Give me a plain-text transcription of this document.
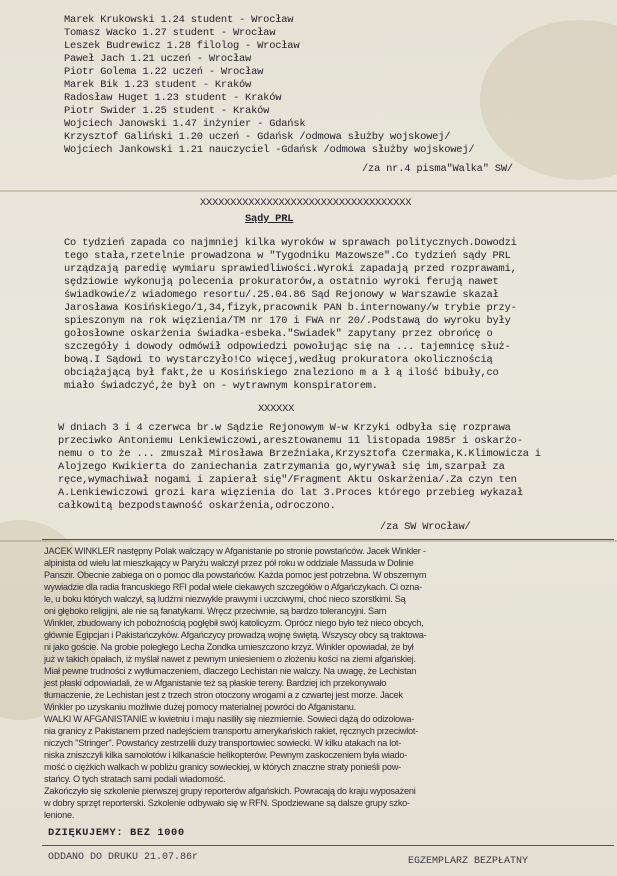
Marek Krukowski 1.24 student - Wrocław
Tomasz Wacko 1.27 student - Wrocław
Leszek Budrewicz 1.28 filolog - Wrocław
Paweł Jach 1.21 uczeń - Wrocław
Piotr Golema 1.22 uczeń - Wrocław
Marek Bik 1.23 student - Kraków
Radosław Huget 1.23 student - Kraków
Piotr Swider 1.25 student - Kraków
Wojciech Janowski 1.47 inżynier - Gdańsk
Krzysztof Galiński 1.20 uczeń - Gdańsk /odmowa służby wojskowej/
Wojciech Jankowski 1.21 nauczyciel -Gdańsk /odmowa służby wojskowej/
/za nr.4 pisma"Walka" SW/
XXXXXXXXXXXXXXXXXXXXXXXXXXXXXXXXXXX
Sądy PRL
Co tydzień zapada co najmniej kilka wyroków w sprawach politycznych.Dowodzi
tego stała,rzetelnie prowadzona w "Tygodniku Mazowsze".Co tydzień sądy PRL
urządzają paredię wymiaru sprawiedliwości.Wyroki zapadają przed rozprawami,
sędziowie wykonują polecenia prokuratorów,a ostatnio wyroki ferują nawet
świadkowie/z wiadomego resortu/.25.04.86 Sąd Rejonowy w Warszawie skazał
Jarosława Kosińskiego/1,34,fizyk,pracownik PAN b.internowany/w trybie przy-
spieszonym na rok więzienia/TM nr 170 i FWA nr 20/.Podstawą do wyroku były
gołosłowne oskarżenia świadka-esbeka."Swiadek" zapytany przez obrońcę o
szczegóły i dowody odmówił odpowiedzi powołując się na ... tajemnicę służ-
bową.I Sądowi to wystarczyło!Co więcej,według prokuratora okolicznością
obciążającą był fakt,że u Kosińskiego znaleziono m a ł ą ilość bibuły,co
miało świadczyć,że był on - wytrawnym konspiratorem.
XXXXXX
W dniach 3 i 4 czerwca br.w Sądzie Rejonowym W-w Krzyki odbyła się rozprawa
przeciwko Antoniemu Lenkiewiczowi,aresztowanemu 11 listopada 1985r i oskarżo-
nemu o to że ... zmuszał Mirosława Brzeźniaka,Krzysztofa Czermaka,K.Klimowicza i
Alojzego Kwikierta do zaniechania zatrzymania go,wyrywał się im,szarpał za
ręce,wymachiwał nogami i zapierał się"/Fragment Aktu Oskarżenia/.Za czyn ten
A.Lenkiewiczowi grozi kara więzienia do lat 3.Proces którego przebieg wykazał
całkowitą bezpodstawność oskarżenia,odroczono.
/za SW Wrocław/
JACEK WINKLER następny Polak walczący w Afganistanie po stronie powstańców. Jacek Winkler -
alpinista od wielu lat mieszkający w Paryżu walczył przez pół roku w oddziale Massuda w Dolinie
Panszir. Obecnie zabiega on o pomoc dla powstańców. Każda pomoc jest potrzebna. W obszernym
wywiadzie dla radia francuskiego RFI podał wiele ciekawych szczegółów o Afgańczykach. Ci ozna-
le, u boku których walczył, są ludźmi niezwykle prawymi i uczciwymi, choć nieco szorstkimi. Są
oni głęboko religijni, ale nie są fanatykami. Wręcz przeciwnie, są bardzo tolerancyjni. Sam
Winkler, zbudowany ich pobożnością pogłębił swój katolicyzm. Oprócz niego było też nieco obcych,
głównie Egipcjan i Pakistańczyków. Afgańczycy prowadzą wojnę świętą. Wszyscy obcy są traktowa-
ni jako goście. Na grobie poległego Lecha Zondka umieszczono krzyż. Winkler opowiadał, że był
już w takich opałach, iż myślał nawet z pewnym uniesieniem o złożeniu kości na ziemi afgańskiej.
Miał pewne trudności z wytłumaczeniem, dlaczego Lechistan nie walczy. Na uwagę, że Lechistan
jest płaski odpowiadali, że w Afganistanie też są płaskie tereny. Bardziej ich przekonywało
tłumaczenie, że Lechistan jest z trzech stron otoczony wrogami a z czwartej jest morze. Jacek
Winkler po uzyskaniu możliwie dużej pomocy materialnej powróci do Afganistanu.
WALKI W AFGANISTANIE w kwietniu i maju nasiliły się niezmiernie. Sowieci dążą do odizolowa-
nia granicy z Pakistanem przed nadejściem transportu amerykańskich rakiet, ręcznych przeciwlot-
niczych "Stringer". Powstańcy zestrzelili duży transportowiec sowiecki. W kilku atakach na lot-
niska zniszczyli kilka samolotów i kilkanaście helikopterów. Pewnym zaskoczeniem była wiado-
mość o ciężkich walkach w pobliżu granicy sowieckiej, w których znaczne straty ponieśli pow-
stańcy. O tych stratach sami podali wiadomość.
Zakończyło się szkolenie pierwszej grupy reporterów afgańskich. Powracają do kraju wyposażeni
w dobry sprzęt reporterski. Szkolenie odbywało się w RFN. Spodziewane są dalsze grupy szko-
lenione.
DZIĘKUJEMY: BEZ 1000
ODDANO DO DRUKU 21.07.86r	EGZEMPLARZ BEZPŁATNY
